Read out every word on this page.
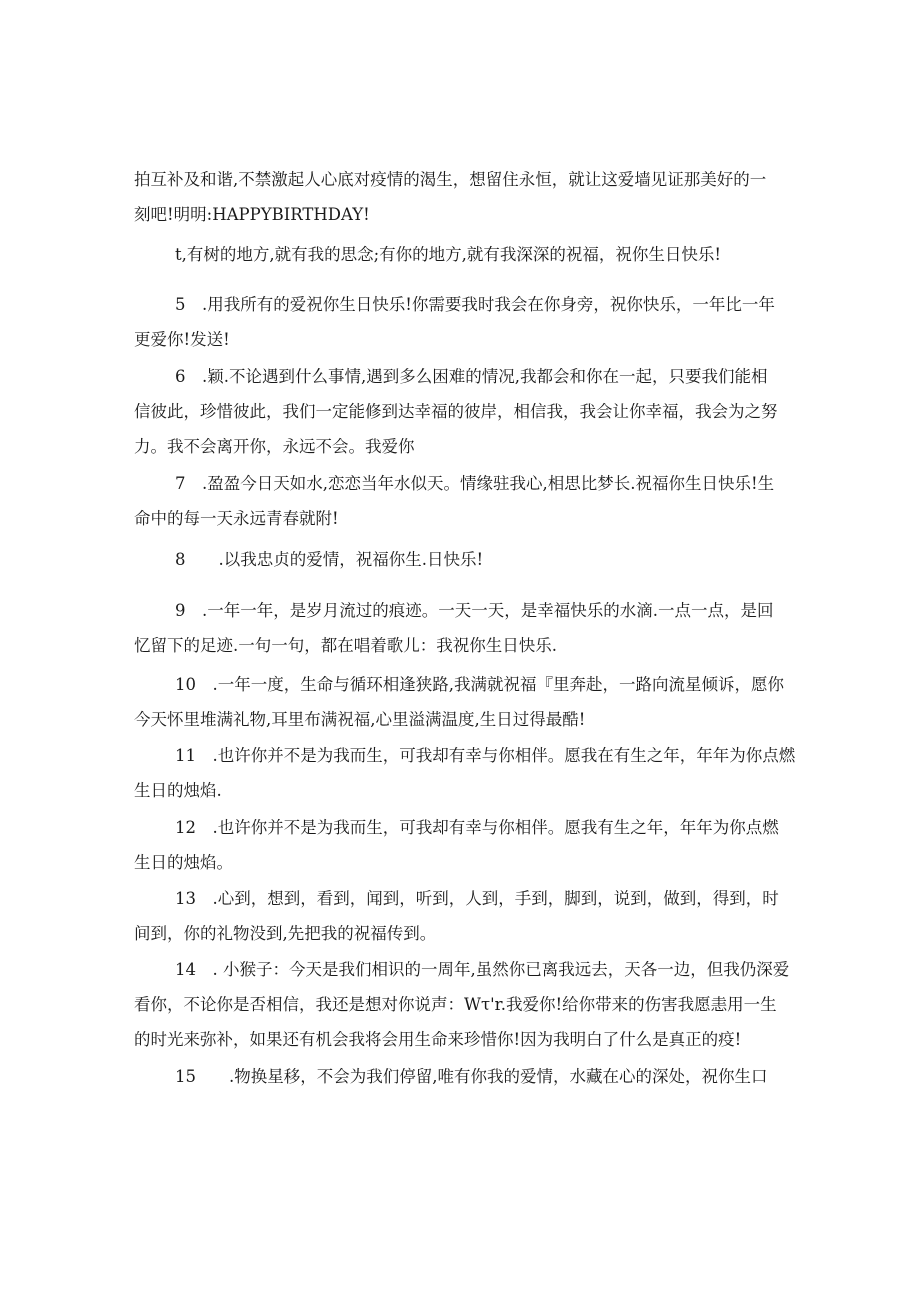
拍互补及和谐,不禁激起人心底对疫情的渴生，想留住永恒，就让这爱墙见证那美好的一
刻吧!明明:HAPPYBIRTHDAY!
t,有树的地方,就有我的思念;有你的地方,就有我深深的祝福，祝你生日快乐!
5　.用我所有的爱祝你生日快乐!你需要我时我会在你身旁，祝你快乐，一年比一年
更爱你!发送!
6　.颖.不论遇到什么事情,遇到多么困难的情况,我都会和你在一起，只要我们能相
信彼此，珍惜彼此，我们一定能修到达幸福的彼岸，相信我，我会让你幸福，我会为之努
力。我不会离开你，永远不会。我爱你
7　.盈盈今日天如水,恋恋当年水似天。情缘驻我心,相思比梦长.祝福你生日快乐!生
命中的每一天永远青春就附!
8　　.以我忠贞的爱情，祝福你生.日快乐!
9　.一年一年，是岁月流过的痕迹。一天一天，是幸福快乐的水滴.一点一点，是回
忆留下的足迹.一句一句，都在唱着歌儿：我祝你生日快乐.
10　.一年一度，生命与循环相逢狭路,我满就祝福『里奔赴，一路向流星倾诉，愿你
今天怀里堆满礼物,耳里布满祝福,心里溢满温度,生日过得最酷!
11　.也许你并不是为我而生，可我却有幸与你相伴。愿我在有生之年，年年为你点燃
生日的烛焰.
12　.也许你并不是为我而生，可我却有幸与你相伴。愿我有生之年，年年为你点燃
生日的烛焰。
13　.心到，想到，看到，闻到，听到，人到，手到，脚到，说到，做到，得到，时
间到，你的礼物没到,先把我的祝福传到。
14　. 小猴子：今天是我们相识的一周年,虽然你已离我远去，天各一边，但我仍深爱
看你，不论你是否相信，我还是想对你说声：Wτ'r.我爱你!给你带来的伤害我愿恚用一生
的时光来弥补，如果还有机会我将会用生命来珍惜你!因为我明白了什么是真正的疫!
15　　.物换星移，不会为我们停留,唯有你我的爱情，水藏在心的深处，祝你生口
